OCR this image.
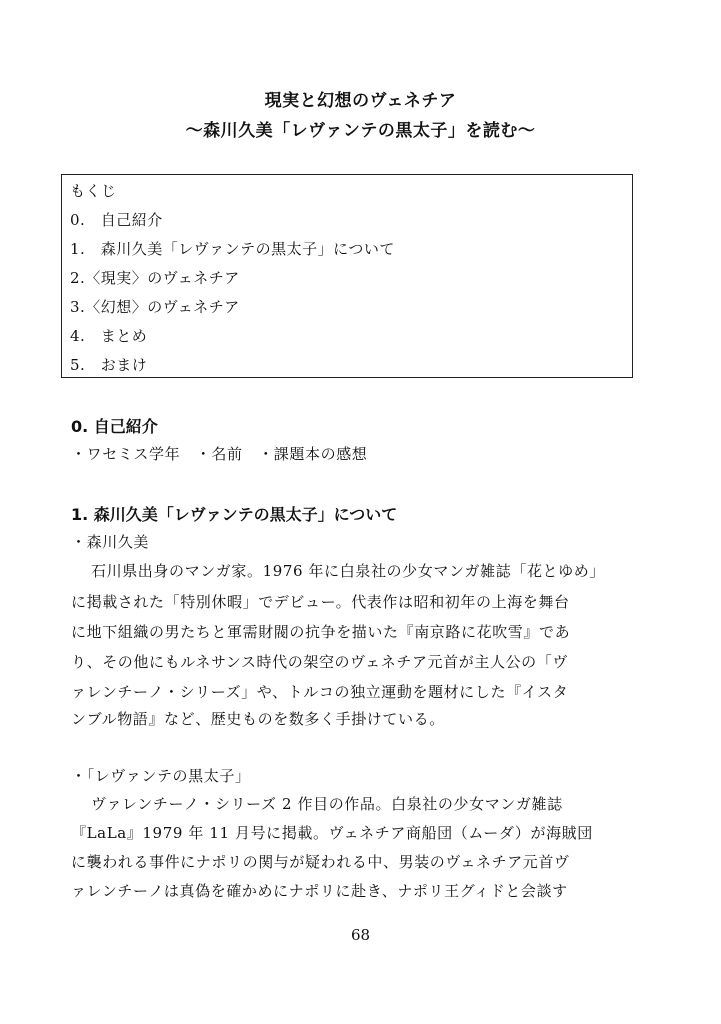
現実と幻想のヴェネチア
〜森川久美「レヴァンテの黒太子」を読む〜
もくじ
0.　自己紹介
1.　森川久美「レヴァンテの黒太子」について
2.〈現実〉のヴェネチア
3.〈幻想〉のヴェネチア
4.　まとめ
5.　おまけ
0. 自己紹介
・ワセミス学年　・名前　・課題本の感想
1. 森川久美「レヴァンテの黒太子」について
・森川久美
石川県出身のマンガ家。1976 年に白泉社の少女マンガ雑誌「花とゆめ」
に掲載された「特別休暇」でデビュー。代表作は昭和初年の上海を舞台
に地下組織の男たちと軍需財閥の抗争を描いた『南京路に花吹雪』であ
り、その他にもルネサンス時代の架空のヴェネチア元首が主人公の「ヴ
ァレンチーノ・シリーズ」や、トルコの独立運動を題材にした『イスタ
ンブル物語』など、歴史ものを数多く手掛けている。
・「レヴァンテの黒太子」
ヴァレンチーノ・シリーズ 2 作目の作品。白泉社の少女マンガ雑誌
『LaLa』1979 年 11 月号に掲載。ヴェネチア商船団（ムーダ）が海賊団
に襲われる事件にナポリの関与が疑われる中、男装のヴェネチア元首ヴ
ァレンチーノは真偽を確かめにナポリに赴き、ナポリ王グィドと会談す
68
